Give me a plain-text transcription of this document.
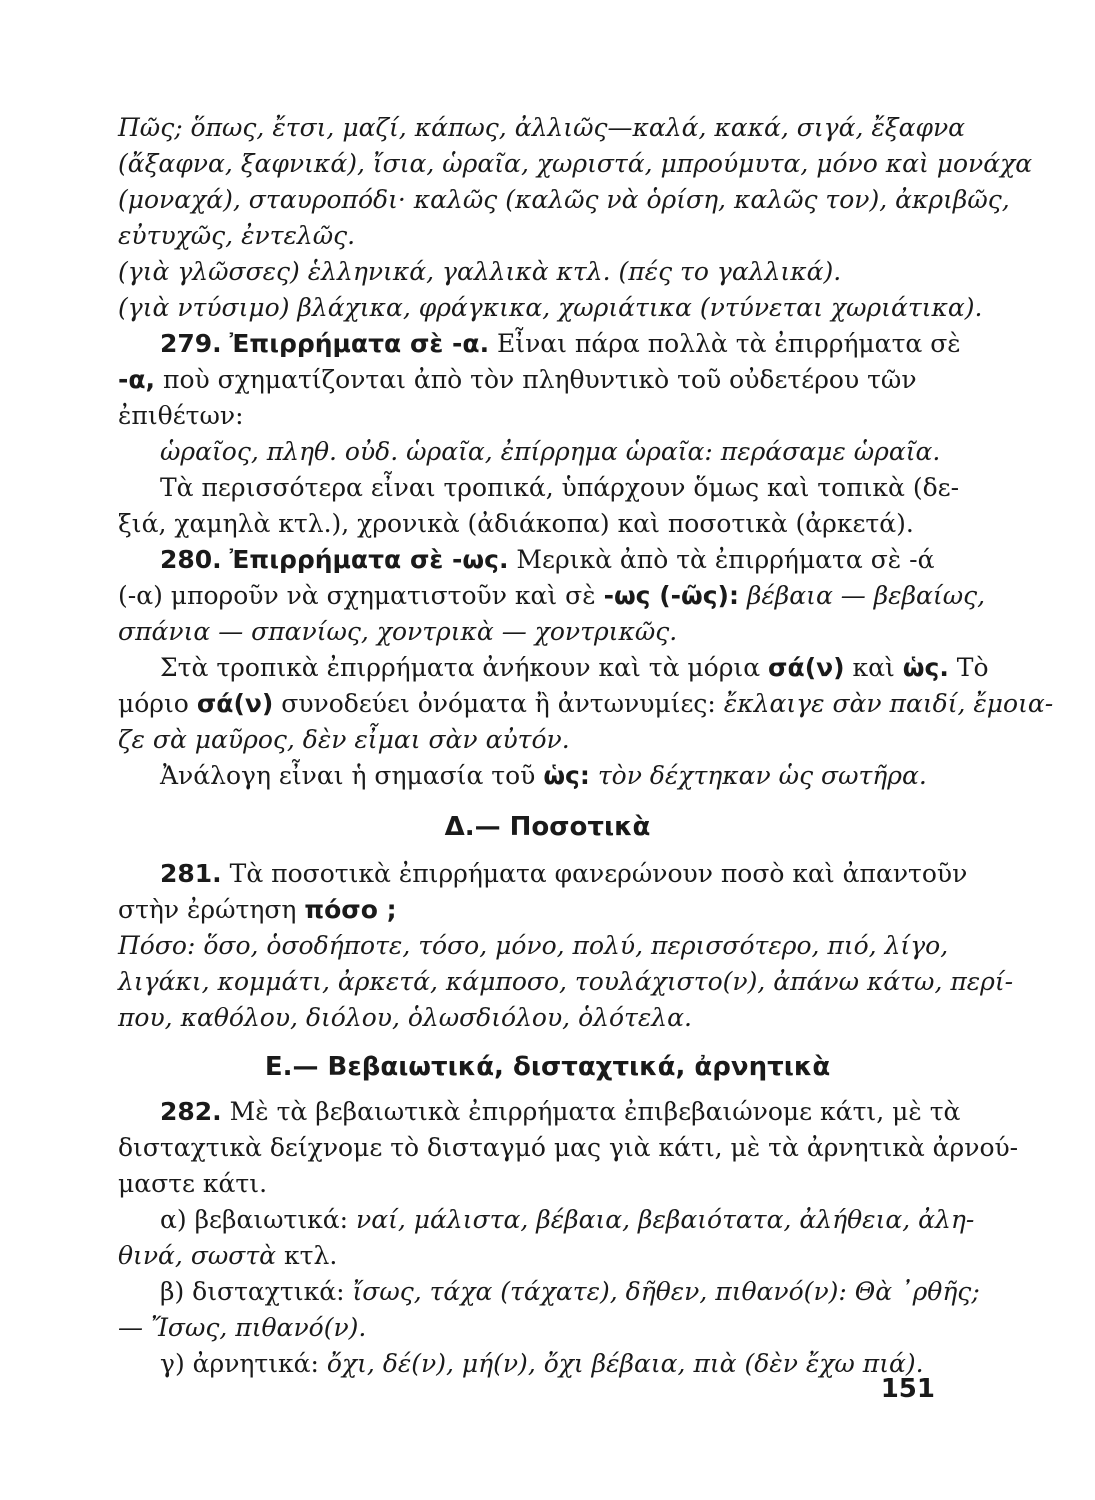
Πῶς; ὅπως, ἔτσι, μαζί, κάπως, ἀλλιῶς—καλά, κακά, σιγά, ἔξαφνα
(ἄξαφνα, ξαφνικά), ἴσια, ὡραῖα, χωριστά, μπρούμυτα, μόνο καὶ μονάχα
(μοναχά), σταυροπόδι· καλῶς (καλῶς νὰ ὁρίση, καλῶς τον), ἀκριβῶς,
εὐτυχῶς, ἐντελῶς.
(γιὰ γλῶσσες) ἑλληνικά, γαλλικὰ κτλ. (πές το γαλλικά).
(γιὰ ντύσιμο) βλάχικα, φράγκικα, χωριάτικα (ντύνεται χωριάτικα).
279. Ἐπιρρήματα σὲ -α. Εἶναι πάρα πολλὰ τὰ ἐπιρρήματα σὲ
-α, ποὺ σχηματίζονται ἀπὸ τὸν πληθυντικὸ τοῦ οὐδετέρου τῶν
ἐπιθέτων:
ὡραῖος, πληθ. οὐδ. ὡραῖα, ἐπίρρημα ὡραῖα: περάσαμε ὡραῖα.
Τὰ περισσότερα εἶναι τροπικά, ὑπάρχουν ὅμως καὶ τοπικὰ (δε-
ξιά, χαμηλὰ κτλ.), χρονικὰ (ἀδιάκοπα) καὶ ποσοτικὰ (ἀρκετά).
280. Ἐπιρρήματα σὲ -ως. Μερικὰ ἀπὸ τὰ ἐπιρρήματα σὲ -ά
(-α) μποροῦν νὰ σχηματιστοῦν καὶ σὲ -ως (-ῶς): βέβαια — βεβαίως,
σπάνια — σπανίως, χοντρικὰ — χοντρικῶς.
Στὰ τροπικὰ ἐπιρρήματα ἀνήκουν καὶ τὰ μόρια σά(ν) καὶ ὡς. Τὸ
μόριο σά(ν) συνοδεύει ὀνόματα ἢ ἀντωνυμίες: ἔκλαιγε σὰν παιδί, ἔμοια-
ζε σὰ μαῦρος, δὲν εἶμαι σὰν αὐτόν.
Ἀνάλογη εἶναι ἡ σημασία τοῦ ὡς: τὸν δέχτηκαν ὡς σωτῆρα.
Δ.— Ποσοτικὰ
281. Τὰ ποσοτικὰ ἐπιρρήματα φανερώνουν ποσὸ καὶ ἀπαντοῦν
στὴν ἐρώτηση πόσο ;
Πόσο: ὅσο, ὁσοδήποτε, τόσο, μόνο, πολύ, περισσότερο, πιό, λίγο,
λιγάκι, κομμάτι, ἀρκετά, κάμποσο, τουλάχιστο(ν), ἀπάνω κάτω, περί-
που, καθόλου, διόλου, ὁλωσδιόλου, ὁλότελα.
Ε.— Βεβαιωτικά, δισταχτικά, ἀρνητικὰ
282. Μὲ τὰ βεβαιωτικὰ ἐπιρρήματα ἐπιβεβαιώνομε κάτι, μὲ τὰ
δισταχτικὰ δείχνομε τὸ δισταγμό μας γιὰ κάτι, μὲ τὰ ἀρνητικὰ ἀρνού-
μαστε κάτι.
α) βεβαιωτικά: ναί, μάλιστα, βέβαια, βεβαιότατα, ἀλήθεια, ἀλη-
θινά, σωστὰ κτλ.
β) δισταχτικά: ἴσως, τάχα (τάχατε), δῆθεν, πιθανό(ν): Θὰ ᾽ρθῆς;
— Ἴσως, πιθανό(ν).
γ) ἀρνητικά: ὄχι, δέ(ν), μή(ν), ὄχι βέβαια, πιὰ (δὲν ἔχω πιά).
151
